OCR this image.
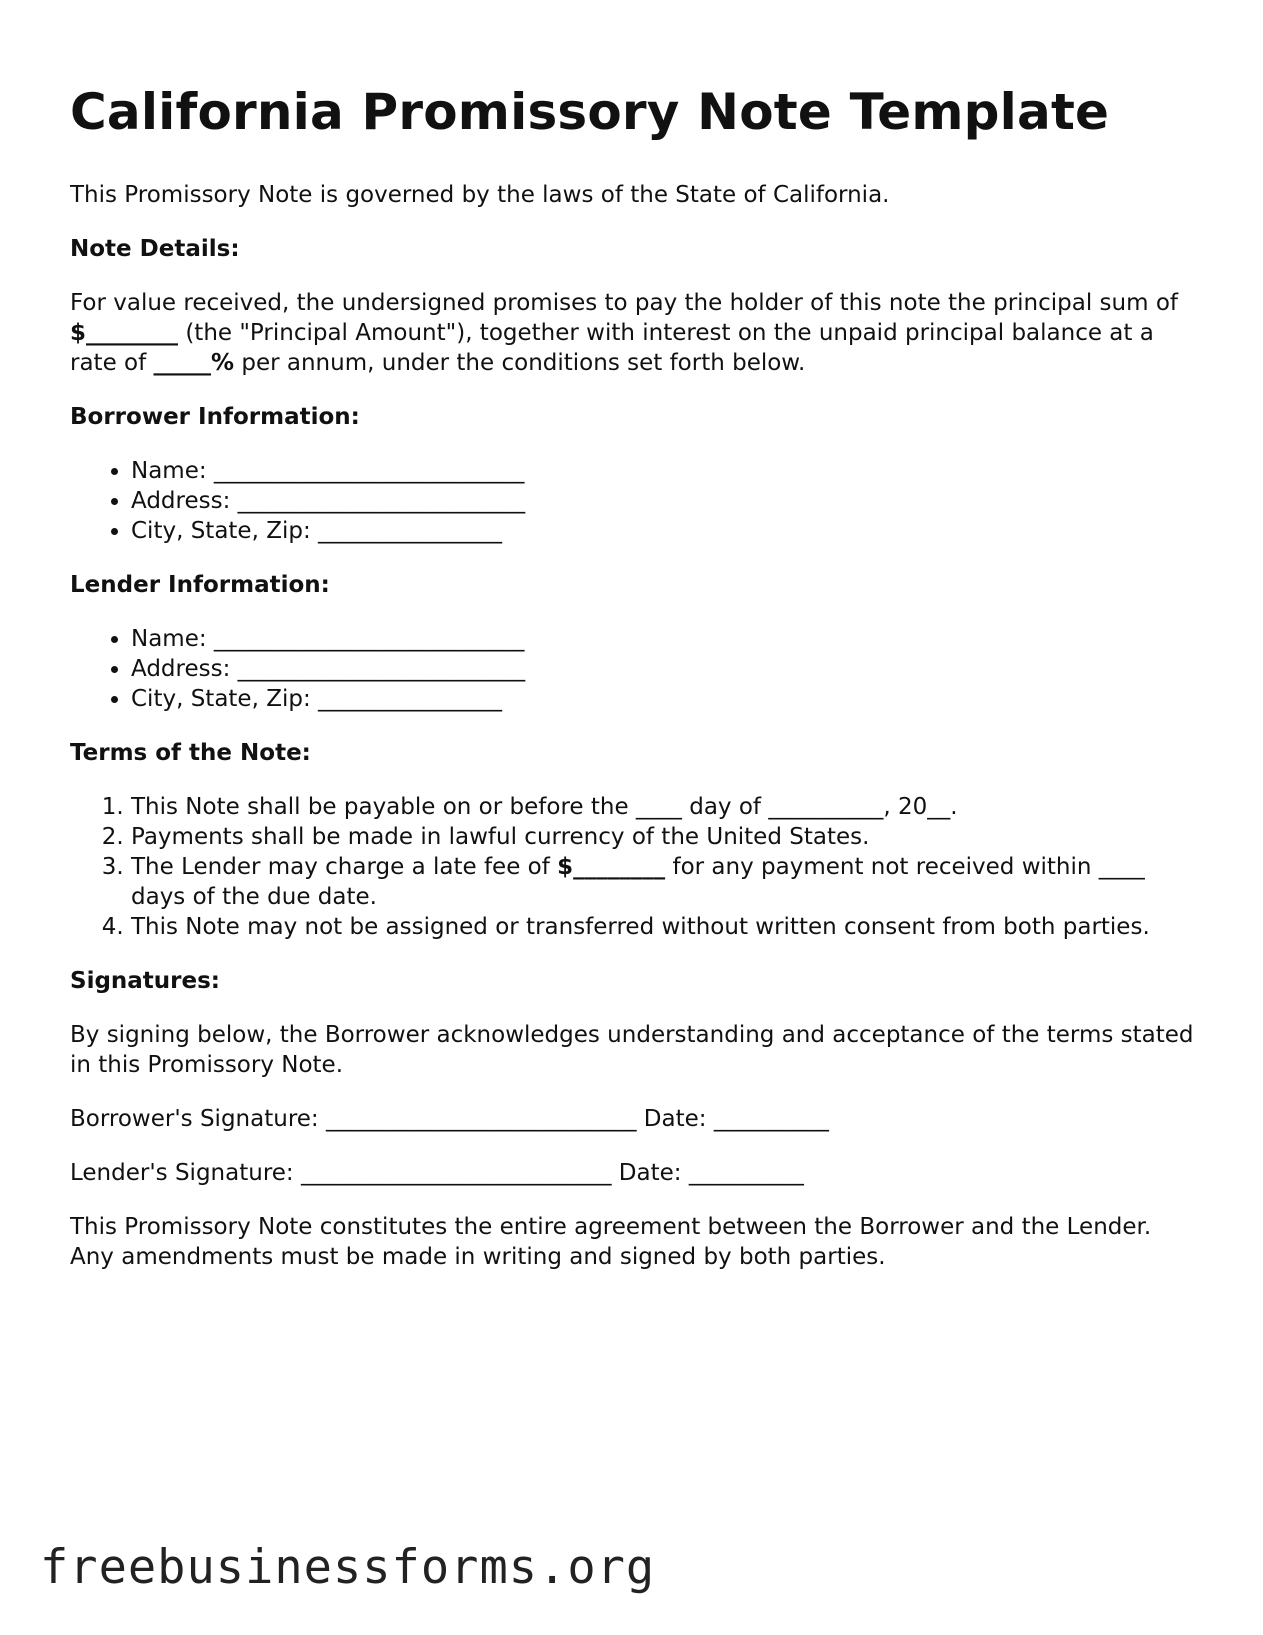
California Promissory Note Template

This Promissory Note is governed by the laws of the State of California.

Note Details:

For value received, the undersigned promises to pay the holder of this note the principal sum of $________ (the "Principal Amount"), together with interest on the unpaid principal balance at a rate of _____% per annum, under the conditions set forth below.

Borrower Information:

• Name: ___________________________
• Address: _________________________
• City, State, Zip: ________________

Lender Information:

• Name: ___________________________
• Address: _________________________
• City, State, Zip: ________________

Terms of the Note:

1. This Note shall be payable on or before the ____ day of __________, 20__.
2. Payments shall be made in lawful currency of the United States.
3. The Lender may charge a late fee of $________ for any payment not received within ____ days of the due date.
4. This Note may not be assigned or transferred without written consent from both parties.

Signatures:

By signing below, the Borrower acknowledges understanding and acceptance of the terms stated in this Promissory Note.

Borrower's Signature: ___________________________ Date: __________

Lender's Signature: ___________________________ Date: __________

This Promissory Note constitutes the entire agreement between the Borrower and the Lender. Any amendments must be made in writing and signed by both parties.

freebusinessforms.org
